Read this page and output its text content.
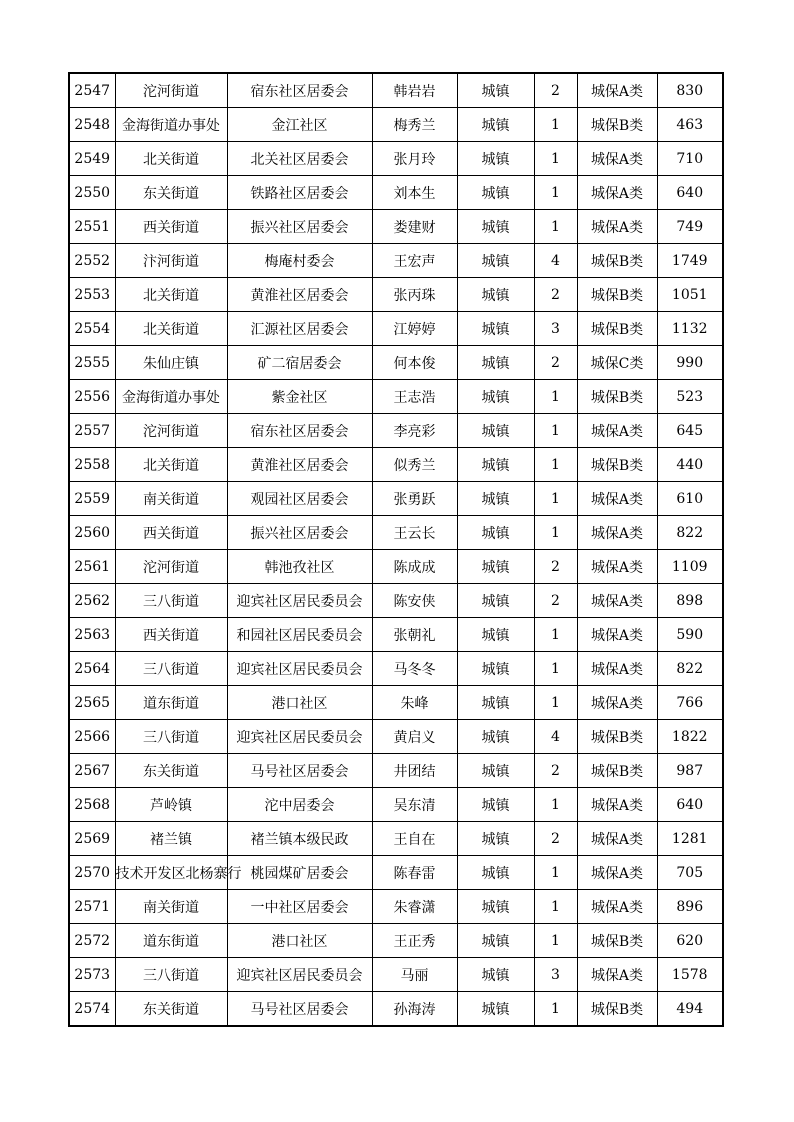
2547	沱河街道	宿东社区居委会	韩岩岩	城镇	2	城保A类	830
2548	金海街道办事处	金江社区	梅秀兰	城镇	1	城保B类	463
2549	北关街道	北关社区居委会	张月玲	城镇	1	城保A类	710
2550	东关街道	铁路社区居委会	刘本生	城镇	1	城保A类	640
2551	西关街道	振兴社区居委会	娄建财	城镇	1	城保A类	749
2552	汴河街道	梅庵村委会	王宏声	城镇	4	城保B类	1749
2553	北关街道	黄淮社区居委会	张丙珠	城镇	2	城保B类	1051
2554	北关街道	汇源社区居委会	江婷婷	城镇	3	城保B类	1132
2555	朱仙庄镇	矿二宿居委会	何本俊	城镇	2	城保C类	990
2556	金海街道办事处	紫金社区	王志浩	城镇	1	城保B类	523
2557	沱河街道	宿东社区居委会	李亮彩	城镇	1	城保A类	645
2558	北关街道	黄淮社区居委会	似秀兰	城镇	1	城保B类	440
2559	南关街道	观园社区居委会	张勇跃	城镇	1	城保A类	610
2560	西关街道	振兴社区居委会	王云长	城镇	1	城保A类	822
2561	沱河街道	韩池孜社区	陈成成	城镇	2	城保A类	1109
2562	三八街道	迎宾社区居民委员会	陈安侠	城镇	2	城保A类	898
2563	西关街道	和园社区居民委员会	张朝礼	城镇	1	城保A类	590
2564	三八街道	迎宾社区居民委员会	马冬冬	城镇	1	城保A类	822
2565	道东街道	港口社区	朱峰	城镇	1	城保A类	766
2566	三八街道	迎宾社区居民委员会	黄启义	城镇	4	城保B类	1822
2567	东关街道	马号社区居委会	井团结	城镇	2	城保B类	987
2568	芦岭镇	沱中居委会	吴东清	城镇	1	城保A类	640
2569	褚兰镇	褚兰镇本级民政	王自在	城镇	2	城保A类	1281
2570	技术开发区北杨寨行	桃园煤矿居委会	陈春雷	城镇	1	城保A类	705
2571	南关街道	一中社区居委会	朱睿潇	城镇	1	城保A类	896
2572	道东街道	港口社区	王正秀	城镇	1	城保B类	620
2573	三八街道	迎宾社区居民委员会	马丽	城镇	3	城保A类	1578
2574	东关街道	马号社区居委会	孙海涛	城镇	1	城保B类	494
